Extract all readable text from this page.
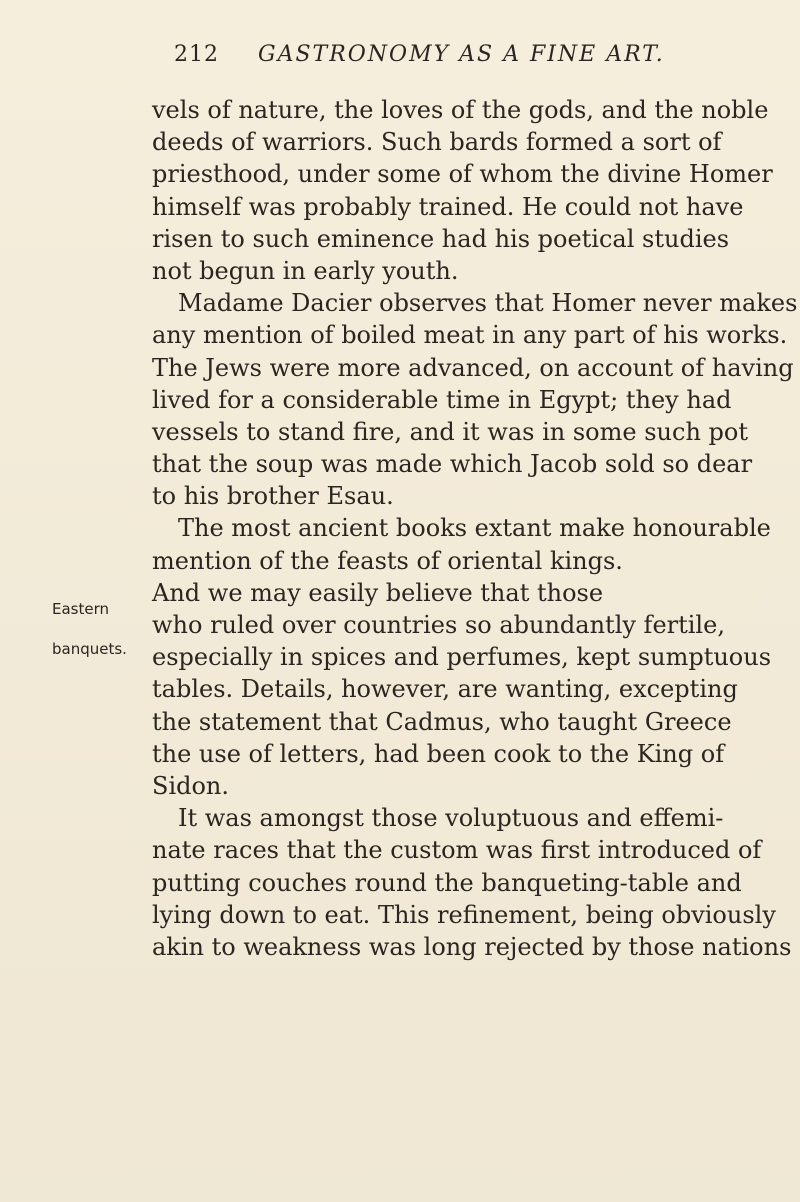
212 GASTRONOMY AS A FINE ART.
Eastern
banquets.
vels of nature, the loves of the gods, and the noble
deeds of warriors. Such bards formed a sort of
priesthood, under some of whom the divine Homer
himself was probably trained. He could not have
risen to such eminence had his poetical studies
not begun in early youth.
Madame Dacier observes that Homer never makes
any mention of boiled meat in any part of his works.
The Jews were more advanced, on account of having
lived for a considerable time in Egypt; they had
vessels to stand fire, and it was in some such pot
that the soup was made which Jacob sold so dear
to his brother Esau.
The most ancient books extant make honourable
mention of the feasts of oriental kings.
And we may easily believe that those
who ruled over countries so abundantly fertile,
especially in spices and perfumes, kept sumptuous
tables. Details, however, are wanting, excepting
the statement that Cadmus, who taught Greece
the use of letters, had been cook to the King of
Sidon.
It was amongst those voluptuous and effemi-
nate races that the custom was first introduced of
putting couches round the banqueting-table and
lying down to eat. This refinement, being obviously
akin to weakness was long rejected by those nations
